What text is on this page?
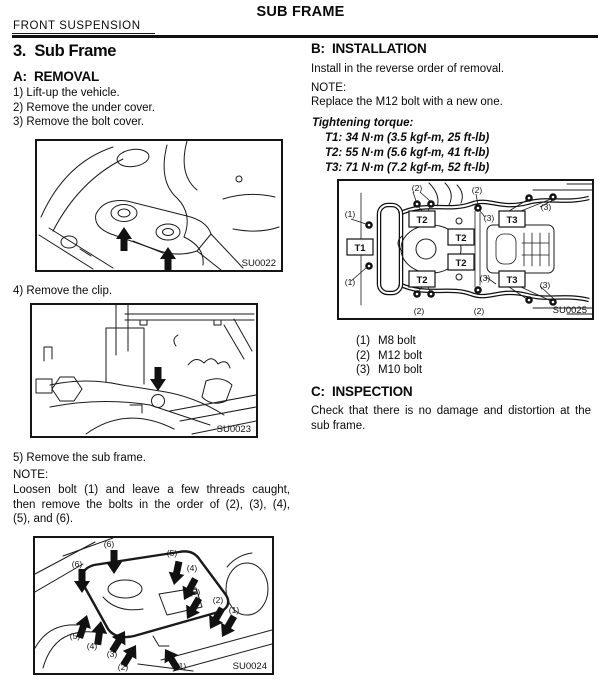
SUB FRAME
FRONT SUSPENSION
3.  Sub Frame
A:  REMOVAL
1) Lift-up the vehicle.
2) Remove the under cover.
3) Remove the bolt cover.
SU0022
4) Remove the clip.
SU0023
5) Remove the sub frame.
NOTE:
Loosen bolt (1) and leave a few threads caught,
then remove the bolts in the order of (2), (3), (4),
(5), and (6).
(6)
(6)
(5)
(4)
(3)
(2)
(1)
(5)
(4)
(3)
(2)	(1)	SU0024
B:  INSTALLATION
Install in the reverse order of removal.
NOTE:
Replace the M12 bolt with a new one.
Tightening torque:
T1: 34 N·m (3.5 kgf-m, 25 ft-lb)
T2: 55 N·m (5.6 kgf-m, 41 ft-lb)
T3: 71 N·m (7.2 kgf-m, 52 ft-lb)
T1
T2
T2
T2
T2
T3
T3
(2)	(2)
(2)	(2)
(1)
(1)
(3)
(3)
(3)
(3)
SU0025
(1) M8 bolt
(2) M12 bolt
(3) M10 bolt
C:  INSPECTION
Check that there is no damage and distortion at the
sub frame.
